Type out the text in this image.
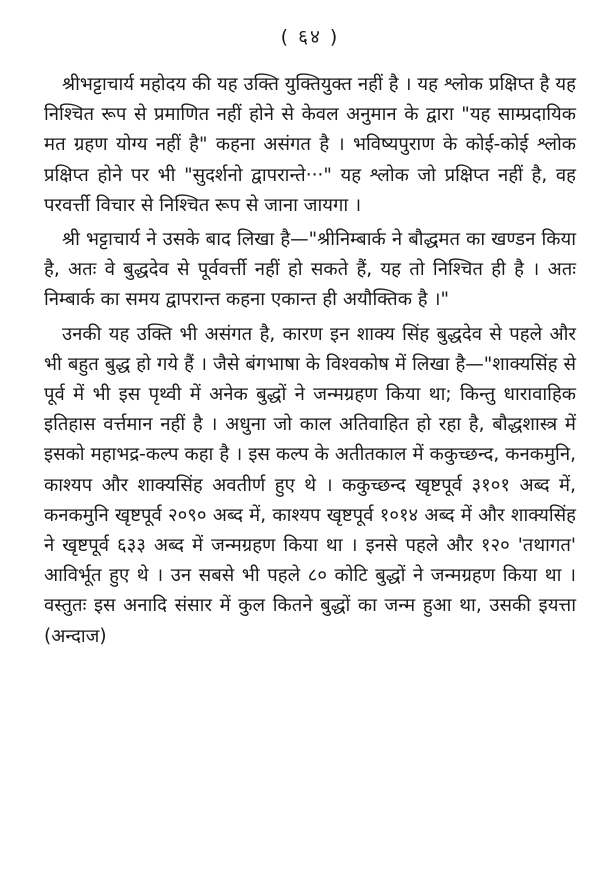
( ६४ )

श्रीभट्टाचार्य महोदय की यह उक्ति युक्तियुक्त नहीं है । यह श्लोक प्रक्षिप्त है यह निश्चित रूप से प्रमाणित नहीं होने से केवल अनुमान के द्वारा "यह साम्प्रदायिक मत ग्रहण योग्य नहीं है" कहना असंगत है । भविष्यपुराण के कोई-कोई श्लोक प्रक्षिप्त होने पर भी "सुदर्शनो द्वापरान्ते···" यह श्लोक जो प्रक्षिप्त नहीं है, वह परवर्त्ती विचार से निश्चित रूप से जाना जायगा ।

श्री भट्टाचार्य ने उसके बाद लिखा है—"श्रीनिम्बार्क ने बौद्धमत का खण्डन किया है, अतः वे बुद्धदेव से पूर्ववर्त्ती नहीं हो सकते हैं, यह तो निश्चित ही है । अतः निम्बार्क का समय द्वापरान्त कहना एकान्त ही अयौक्तिक है ।"

उनकी यह उक्ति भी असंगत है, कारण इन शाक्य सिंह बुद्धदेव से पहले और भी बहुत बुद्ध हो गये हैं । जैसे बंगभाषा के विश्वकोष में लिखा है—"शाक्यसिंह से पूर्व में भी इस पृथ्वी में अनेक बुद्धों ने जन्मग्रहण किया था; किन्तु धारावाहिक इतिहास वर्त्तमान नहीं है । अधुना जो काल अतिवाहित हो रहा है, बौद्धशास्त्र में इसको महाभद्र-कल्प कहा है । इस कल्प के अतीतकाल में ककुच्छन्द, कनकमुनि, काश्यप और शाक्यसिंह अवतीर्ण हुए थे । ककुच्छन्द खृष्टपूर्व ३१०१ अब्द में, कनकमुनि खृष्टपूर्व २०९० अब्द में, काश्यप खृष्टपूर्व १०१४ अब्द में और शाक्यसिंह ने खृष्टपूर्व ६३३ अब्द में जन्मग्रहण किया था । इनसे पहले और १२० 'तथागत' आविर्भूत हुए थे । उन सबसे भी पहले ८० कोटि बुद्धों ने जन्मग्रहण किया था । वस्तुतः इस अनादि संसार में कुल कितने बुद्धों का जन्म हुआ था, उसकी इयत्ता (अन्दाज)
